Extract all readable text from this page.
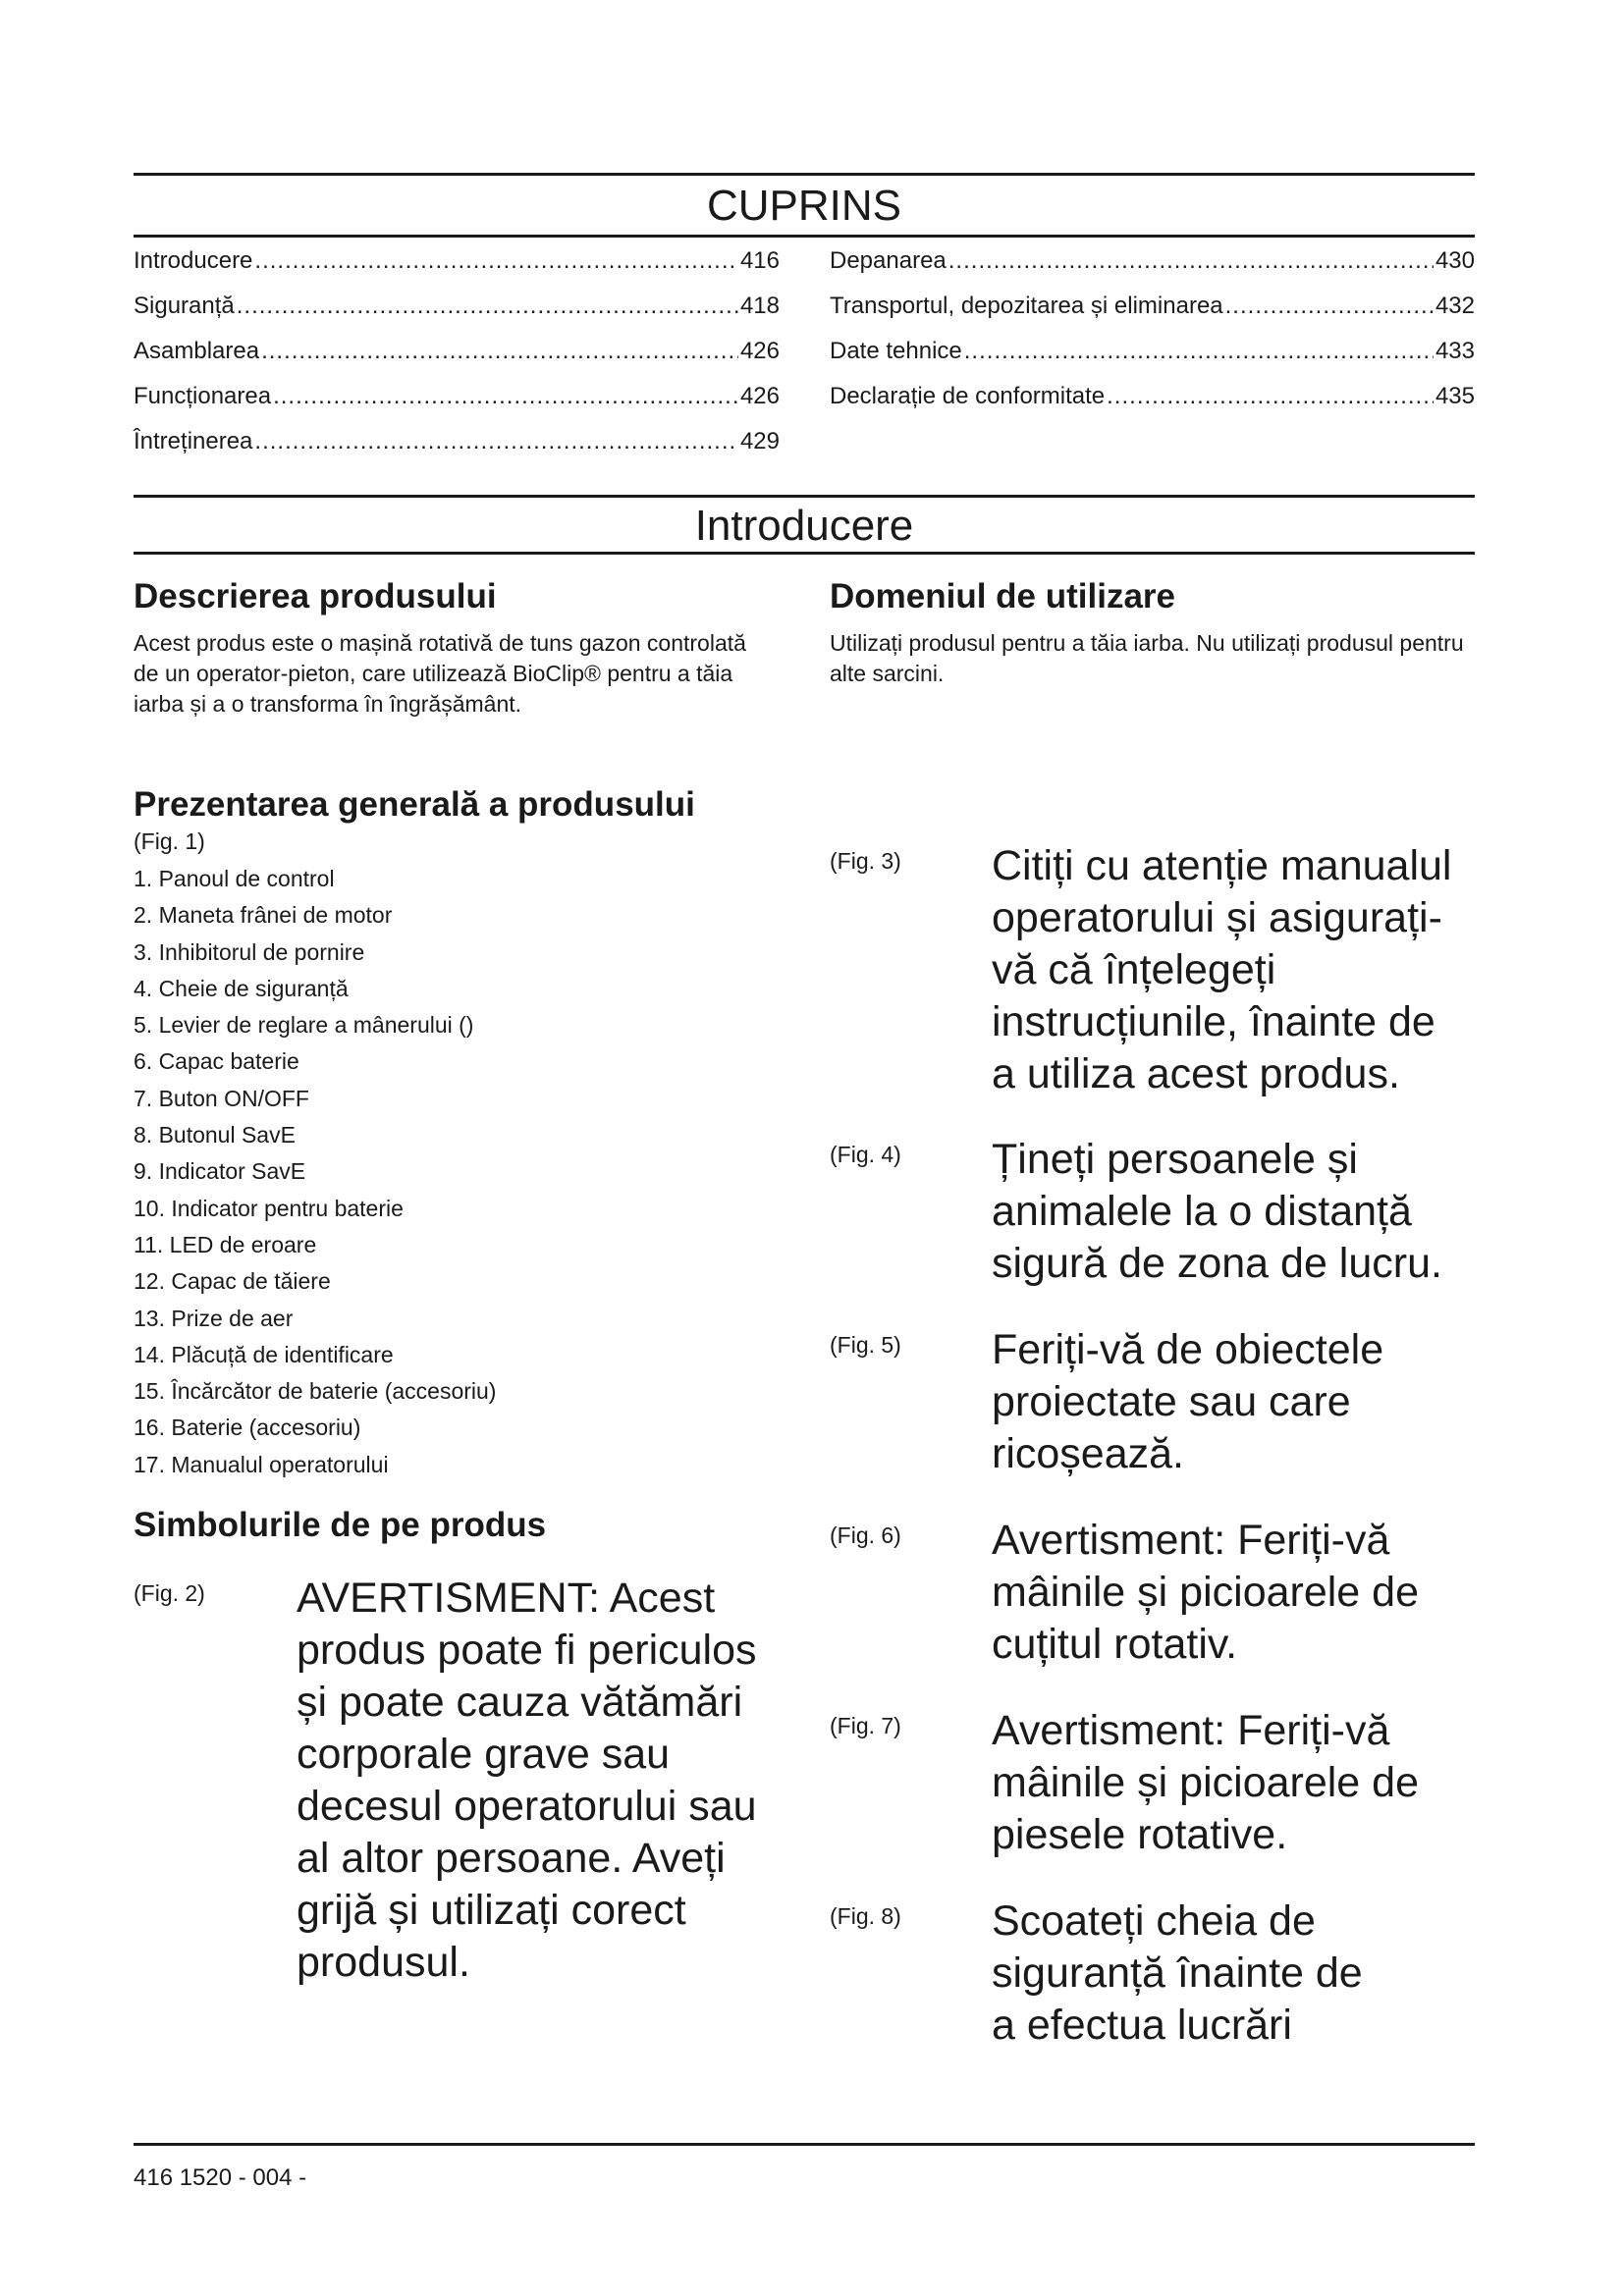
CUPRINS
Introducere .....	416
Siguranță .....	418
Asamblarea .....	426
Funcționarea .....	426
Întreținerea .....	429
Depanarea .....	430
Transportul, depozitarea și eliminarea .....	432
Date tehnice .....	433
Declarație de conformitate .....	435
Introducere
Descrierea produsului

Acest produs este o mașină rotativă de tuns gazon controlată de un operator-pieton, care utilizează BioClip® pentru a tăia iarba și a o transforma în îngrășământ.

Prezentarea generală a produsului
(Fig. 1)
1. Panoul de control
2. Maneta frânei de motor
3. Inhibitorul de pornire
4. Cheie de siguranță
5. Levier de reglare a mânerului ()
6. Capac baterie
7. Buton ON/OFF
8. Butonul SavE
9. Indicator SavE
10. Indicator pentru baterie
11. LED de eroare
12. Capac de tăiere
13. Prize de aer
14. Plăcuță de identificare
15. Încărcător de baterie (accesoriu)
16. Baterie (accesoriu)
17. Manualul operatorului
Simbolurile de pe produs
(Fig. 2) AVERTISMENT: Acest
produs poate fi periculos
și poate cauza vătămări
corporale grave sau
decesul operatorului sau
al altor persoane. Aveți
grijă și utilizați corect
produsul.
Domeniul de utilizare

Utilizați produsul pentru a tăia iarba. Nu utilizați produsul pentru alte sarcini.

(Fig. 3) Citiți cu atenție manualul
operatorului și asigurați-
vă că înțelegeți
instrucțiunile, înainte de
a utiliza acest produs.
(Fig. 4) Țineți persoanele și
animalele la o distanță
sigură de zona de lucru.
(Fig. 5) Feriți-vă de obiectele
proiectate sau care
ricoșează.
(Fig. 6) Avertisment: Feriți-vă
mâinile și picioarele de
cuțitul rotativ.
(Fig. 7) Avertisment: Feriți-vă
mâinile și picioarele de
piesele rotative.
(Fig. 8) Scoateți cheia de
siguranță înainte de
a efectua lucrări
416 1520 - 004 -
